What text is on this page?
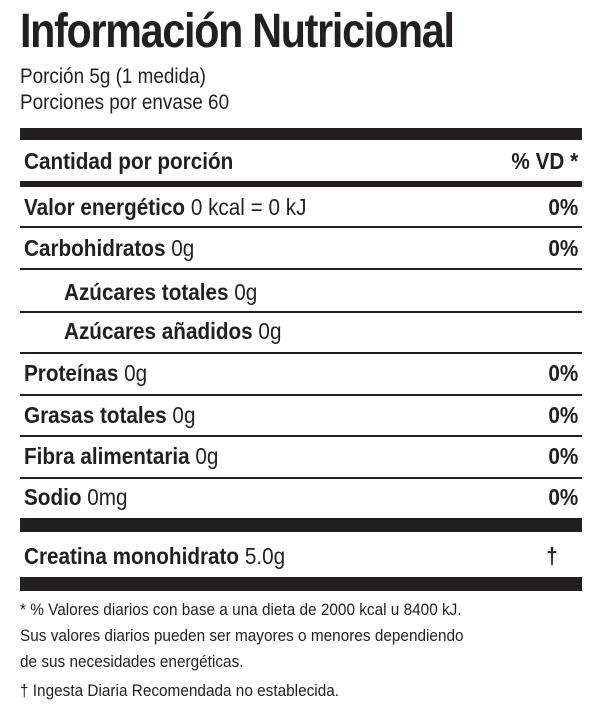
Información Nutricional
Porción 5g (1 medida)
Porciones por envase 60
Cantidad por porción	% VD *
Valor energético 0 kcal = 0 kJ	0%
Carbohidratos 0g	0%
Azúcares totales 0g
Azúcares añadidos 0g
Proteínas 0g	0%
Grasas totales 0g	0%
Fibra alimentaria 0g	0%
Sodio 0mg	0%
Creatina monohidrato 5.0g	†
* % Valores diarios con base a una dieta de 2000 kcal u 8400 kJ.
Sus valores diarios pueden ser mayores o menores dependiendo
de sus necesidades energéticas.
† Ingesta Diaria Recomendada no establecida.
